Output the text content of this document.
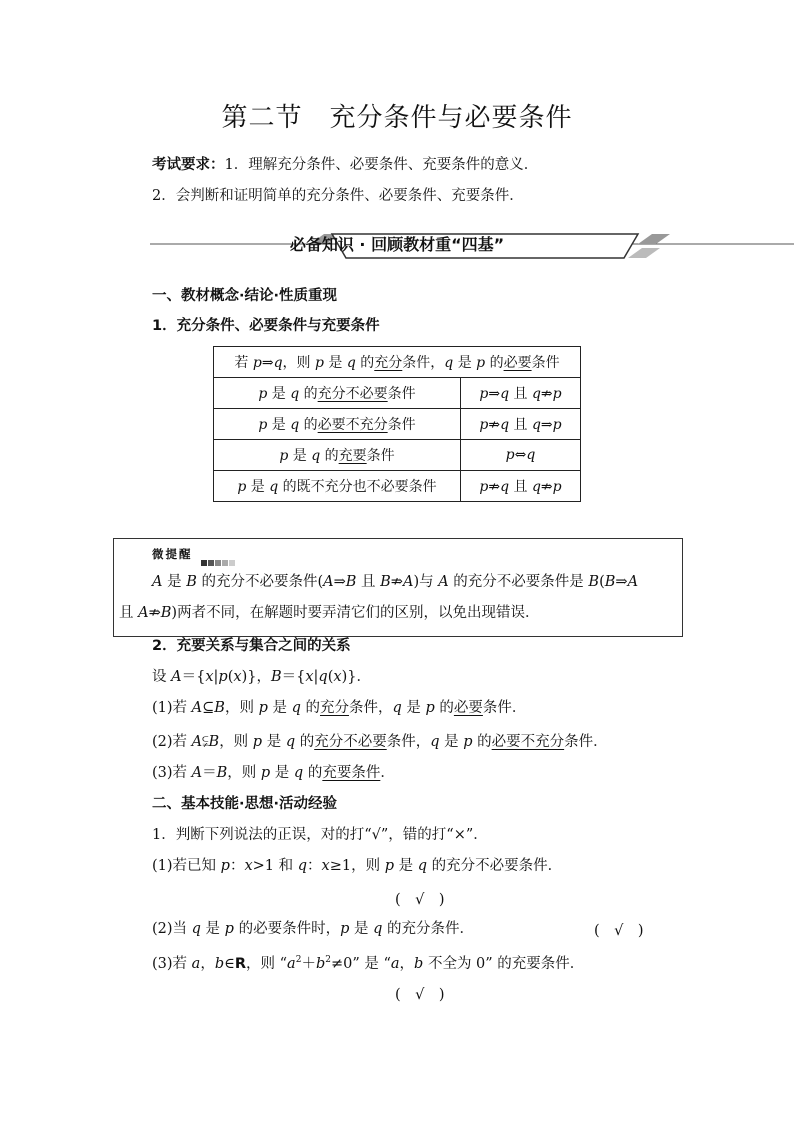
第二节　充分条件与必要条件
考试要求：1．理解充分条件、必要条件、充要条件的意义．
2．会判断和证明简单的充分条件、必要条件、充要条件．
必备知识 · 回顾教材重“四基”
一、教材概念·结论·性质重现
1．充分条件、必要条件与充要条件
若 p⇒q，则 p 是 q 的充分条件，q 是 p 的必要条件	
p 是 q 的充分不必要条件	p⇒q 且 q⇏p
p 是 q 的必要不充分条件	p⇏q 且 q⇒p
p 是 q 的充要条件	p⇔q
p 是 q 的既不充分也不必要条件	p⇏q 且 q⇏p
微提醒
A 是 B 的充分不必要条件(A⇒B 且 B⇏A)与 A 的充分不必要条件是 B(B⇒A
且 A⇏B)两者不同，在解题时要弄清它们的区别，以免出现错误．
2．充要关系与集合之间的关系
设 A＝{x|p(x)}，B＝{x|q(x)}．
(1)若 A⊆B，则 p 是 q 的充分条件，q 是 p 的必要条件．
(2)若 A⫋B，则 p 是 q 的充分不必要条件，q 是 p 的必要不充分条件．
(3)若 A＝B，则 p 是 q 的充要条件．
二、基本技能·思想·活动经验
1．判断下列说法的正误，对的打“√”，错的打“×”．
(1)若已知 p：x>1 和 q：x≥1，则 p 是 q 的充分不必要条件．
(　√　)
(2)当 q 是 p 的必要条件时，p 是 q 的充分条件．	(　√　)
(3)若 a，b∈R，则 “$a^2+b^2\ne 0$” 是 “a，b 不全为 0” 的充要条件．
(　√　)
